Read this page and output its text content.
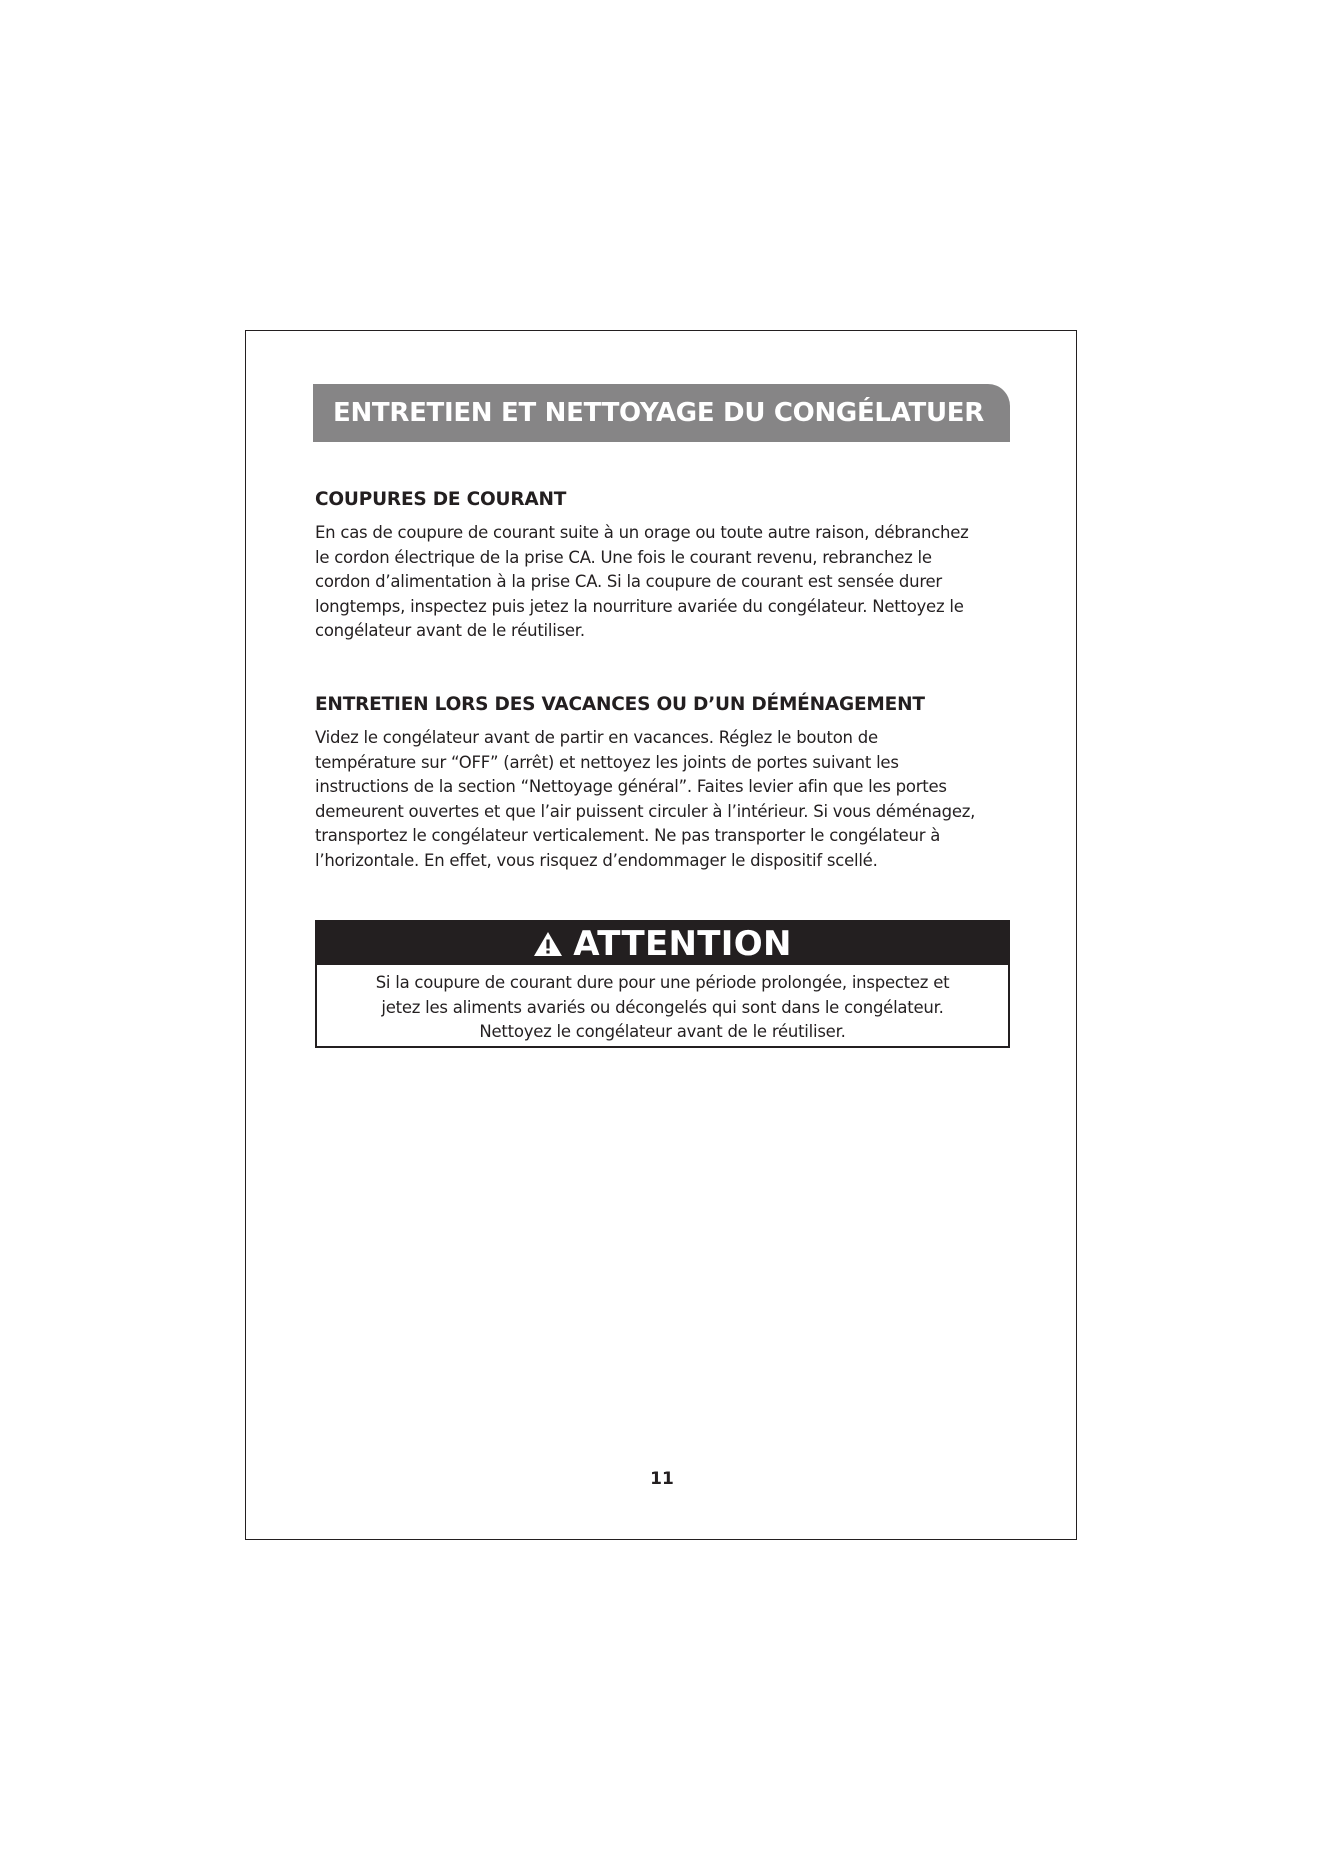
ENTRETIEN ET NETTOYAGE DU CONGÉLATUER
COUPURES DE COURANT

En cas de coupure de courant suite à un orage ou toute autre raison, débranchez
le cordon électrique de la prise CA. Une fois le courant revenu, rebranchez le
cordon d’alimentation à la prise CA. Si la coupure de courant est sensée durer
longtemps, inspectez puis jetez la nourriture avariée du congélateur. Nettoyez le
congélateur avant de le réutiliser.

ENTRETIEN LORS DES VACANCES OU D’UN DÉMÉNAGEMENT

Videz le congélateur avant de partir en vacances. Réglez le bouton de
température sur “OFF” (arrêt) et nettoyez les joints de portes suivant les
instructions de la section “Nettoyage général”. Faites levier afin que les portes
demeurent ouvertes et que l’air puissent circuler à l’intérieur. Si vous déménagez,
transportez le congélateur verticalement. Ne pas transporter le congélateur à
l’horizontale. En effet, vous risquez d’endommager le dispositif scellé.

ATTENTION
Si la coupure de courant dure pour une période prolongée, inspectez et
jetez les aliments avariés ou décongelés qui sont dans le congélateur.
Nettoyez le congélateur avant de le réutiliser.
11
